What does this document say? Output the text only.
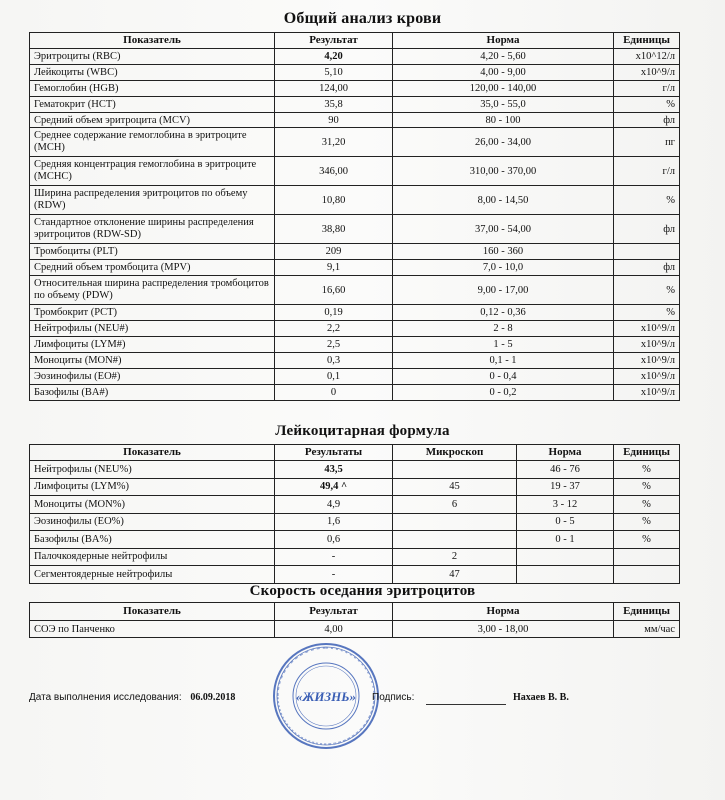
Общий анализ крови
Показатель	Результат	Норма	Единицы
Эритроциты (RBC)	4,20	4,20 - 5,60	х10^12/л
Лейкоциты (WBC)	5,10	4,00 - 9,00	х10^9/л
Гемоглобин (HGB)	124,00	120,00 - 140,00	г/л
Гематокрит (HCT)	35,8	35,0 - 55,0	%
Средний объем эритроцита (MCV)	90	80 - 100	фл
Среднее содержание гемоглобина в эритроците (MCH)	31,20	26,00 - 34,00	пг
Средняя концентрация гемоглобина в эритроците (MCHC)	346,00	310,00 - 370,00	г/л
Ширина распределения эритроцитов по объему (RDW)	10,80	8,00 - 14,50	%
Стандартное отклонение ширины распределения эритроцитов (RDW-SD)	38,80	37,00 - 54,00	фл
Тромбоциты (PLT)	209	160 - 360	
Средний объем тромбоцита (MPV)	9,1	7,0 - 10,0	фл
Относительная ширина распределения тромбоцитов по объему (PDW)	16,60	9,00 - 17,00	%
Тромбокрит (PCT)	0,19	0,12 - 0,36	%
Нейтрофилы (NEU#)	2,2	2 - 8	х10^9/л
Лимфоциты (LYM#)	2,5	1 - 5	х10^9/л
Моноциты (MON#)	0,3	0,1 - 1	х10^9/л
Эозинофилы (EO#)	0,1	0 - 0,4	х10^9/л
Базофилы (BA#)	0	0 - 0,2	х10^9/л
Лейкоцитарная формула
Показатель	Результаты	Микроскоп	Норма	Единицы
Нейтрофилы (NEU%)	43,5		46 - 76	%
Лимфоциты (LYM%)	49,4 ^	45	19 - 37	%
Моноциты (MON%)	4,9	6	3 - 12	%
Эозинофилы (EO%)	1,6		0 - 5	%
Базофилы (BA%)	0,6		0 - 1	%
Палочкоядерные нейтрофилы	-	2		
Сегментоядерные нейтрофилы	-	47		
Скорость оседания эритроцитов
Показатель	Результат	Норма	Единицы
СОЭ по Панченко	4,00	3,00 - 18,00	мм/час
«ЖИЗНЬ»
Дата выполнения исследования: 06.09.2018	Подпись:	Нахаев В. В.
